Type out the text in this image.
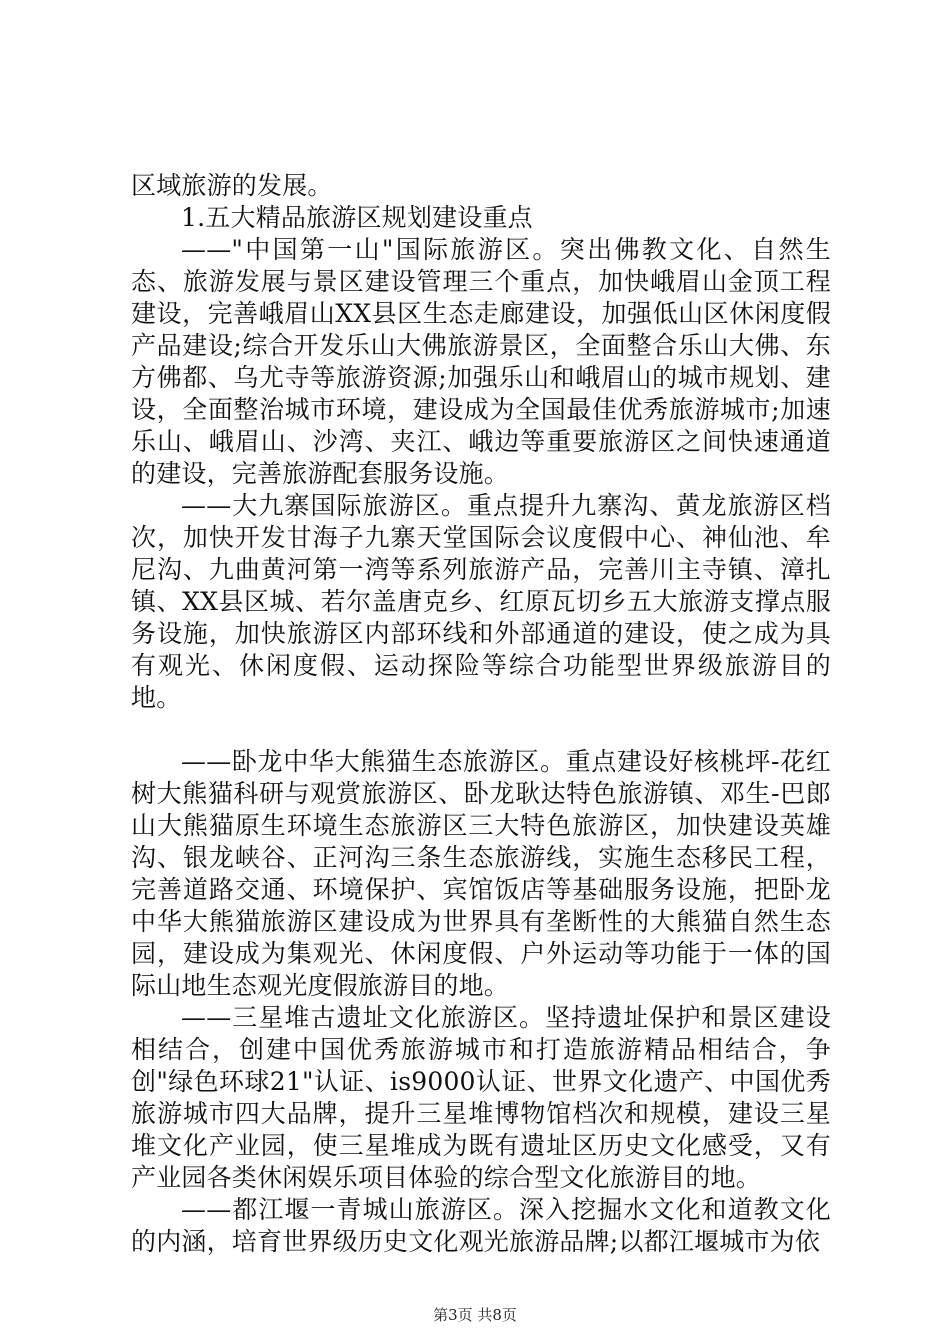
区域旅游的发展。

1.五大精品旅游区规划建设重点

——"中国第一山"国际旅游区。突出佛教文化、自然生态、旅游发展与景区建设管理三个重点，加快峨眉山金顶工程建设，完善峨眉山XX县区生态走廊建设，加强低山区休闲度假产品建设;综合开发乐山大佛旅游景区，全面整合乐山大佛、东方佛都、乌尤寺等旅游资源;加强乐山和峨眉山的城市规划、建设，全面整治城市环境，建设成为全国最佳优秀旅游城市;加速乐山、峨眉山、沙湾、夹江、峨边等重要旅游区之间快速通道的建设，完善旅游配套服务设施。

——大九寨国际旅游区。重点提升九寨沟、黄龙旅游区档次，加快开发甘海子九寨天堂国际会议度假中心、神仙池、牟尼沟、九曲黄河第一湾等系列旅游产品，完善川主寺镇、漳扎镇、XX县区城、若尔盖唐克乡、红原瓦切乡五大旅游支撑点服务设施，加快旅游区内部环线和外部通道的建设，使之成为具有观光、休闲度假、运动探险等综合功能型世界级旅游目的地。

——卧龙中华大熊猫生态旅游区。重点建设好核桃坪-花红树大熊猫科研与观赏旅游区、卧龙耿达特色旅游镇、邓生-巴郎山大熊猫原生环境生态旅游区三大特色旅游区，加快建设英雄沟、银龙峡谷、正河沟三条生态旅游线，实施生态移民工程，完善道路交通、环境保护、宾馆饭店等基础服务设施，把卧龙中华大熊猫旅游区建设成为世界具有垄断性的大熊猫自然生态园，建设成为集观光、休闲度假、户外运动等功能于一体的国际山地生态观光度假旅游目的地。

——三星堆古遗址文化旅游区。坚持遗址保护和景区建设相结合，创建中国优秀旅游城市和打造旅游精品相结合，争创"绿色环球21"认证、is9000认证、世界文化遗产、中国优秀旅游城市四大品牌，提升三星堆博物馆档次和规模，建设三星堆文化产业园，使三星堆成为既有遗址区历史文化感受，又有产业园各类休闲娱乐项目体验的综合型文化旅游目的地。

——都江堰一青城山旅游区。深入挖掘水文化和道教文化的内涵，培育世界级历史文化观光旅游品牌;以都江堰城市为依

第3页 共8页
